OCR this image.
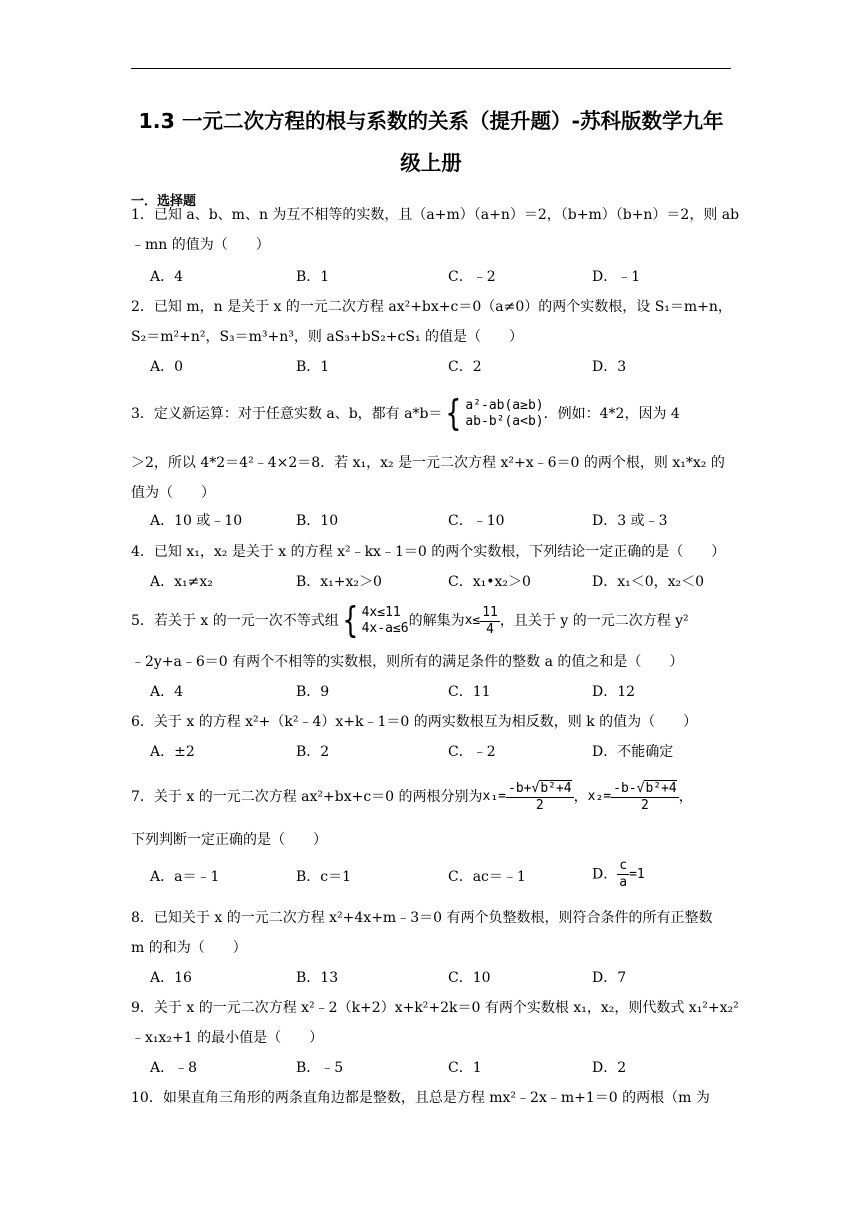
1.3 一元二次方程的根与系数的关系（提升题）-苏科版数学九年
级上册
一．选择题
1．已知 a、b、m、n 为互不相等的实数，且（a+m）（a+n）＝2，（b+m）（b+n）＝2，则 ab
﹣mn 的值为（　　）
A．4	B．1	C．﹣2	D．﹣1
2．已知 m，n 是关于 x 的一元二次方程 ax²+bx+c＝0（a≠0）的两个实数根，设 S₁＝m+n，
S₂＝m²+n²，S₃＝m³+n³，则 aS₃+bS₂+cS₁ 的值是（　　）
A．0	B．1	C．2	D．3
3．定义新运算：对于任意实数 a、b，都有 a*b＝{ a²-ab(a≥b)
ab-b²(a<b) ．例如：4*2，因为 4
＞2，所以 4*2＝4²﹣4×2＝8．若 x₁，x₂ 是一元二次方程 x²+x﹣6＝0 的两个根，则 x₁*x₂ 的
值为（　　）
A．10 或﹣10	B．10	C．﹣10	D．3 或﹣3
4．已知 x₁，x₂ 是关于 x 的方程 x²﹣kx﹣1＝0 的两个实数根，下列结论一定正确的是（　　）
A．x₁≠x₂	B．x₁+x₂＞0	C．x₁•x₂＞0	D．x₁＜0，x₂＜0
5．若关于 x 的一元一次不等式组{ 4x≤11
4x-a≤6 的解集为$x\le \frac{11}{4}$ ，且关于 y 的一元二次方程 y²
﹣2y+a﹣6＝0 有两个不相等的实数根，则所有的满足条件的整数 a 的值之和是（　　）
A．4	B．9	C．11	D．12
6．关于 x 的方程 x²+（k²﹣4）x+k﹣1＝0 的两实数根互为相反数，则 k 的值为（　　）
A．±2	B．2	C．﹣2	D．不能确定
7．关于 x 的一元二次方程 ax²+bx+c＝0 的两根分别为$x_1= \frac{\text{-b+√b²+4}}{2}$ ，$x_2= \frac{\text{-b-√b²+4}}{2}$ ，
下列判断一定正确的是（　　）
A．a＝﹣1	B．c＝1	C．ac＝﹣1	D． $\frac{c}{a} =1$
8．已知关于 x 的一元二次方程 x²+4x+m﹣3＝0 有两个负整数根，则符合条件的所有正整数
m 的和为（　　）
A．16	B．13	C．10	D．7
9．关于 x 的一元二次方程 x²﹣2（k+2）x+k²+2k＝0 有两个实数根 x₁，x₂，则代数式 x₁²+x₂²
﹣x₁x₂+1 的最小值是（　　）
A．﹣8	B．﹣5	C．1	D．2
10．如果直角三角形的两条直角边都是整数，且总是方程 mx²﹣2x﹣m+1＝0 的两根（m 为
